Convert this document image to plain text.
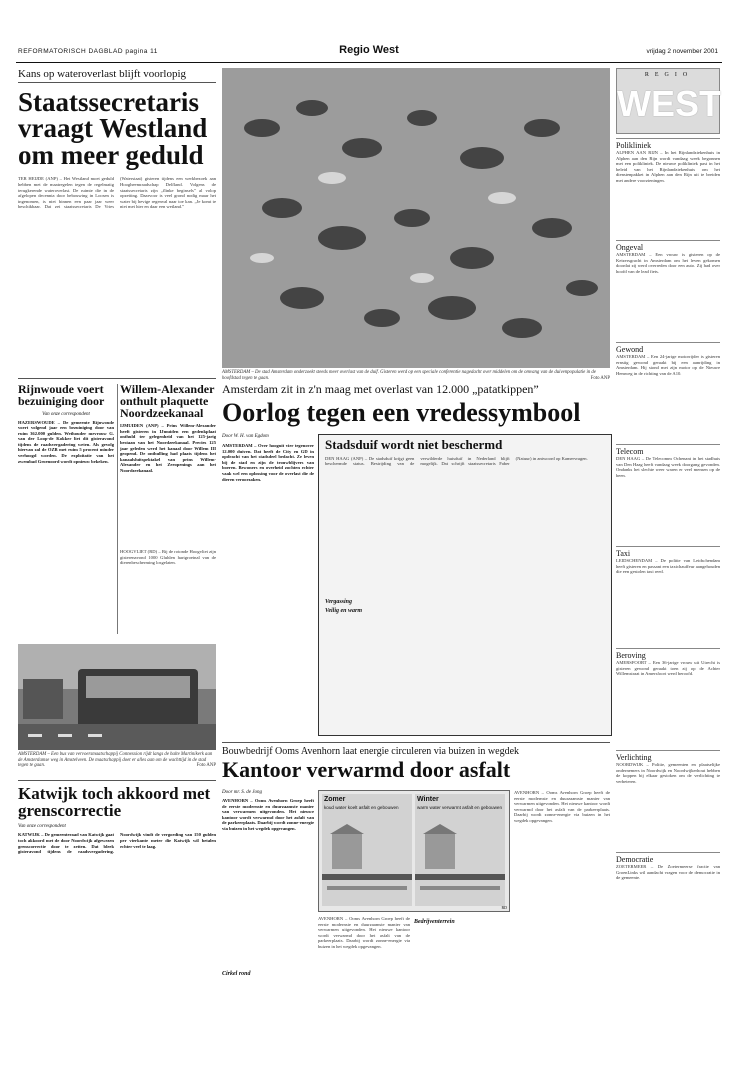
REFORMATORISCH DAGBLAD pagina 11	Regio West	vrijdag 2 november 2001
Kans op wateroverlast blijft voorlopig
Staatssecretaris vraagt Westland om meer geduld
TER HEIJDE (ANP) – Het Westland moet geduld hebben met de maatregelen tegen de regelmatig terugkerende wateroverlast. De ruimte die in de afgelopen decennia door bebouwing in Loosen is ingenomen, is niet binnen een paar jaar weer beschikbaar. Dat zei staatssecretaris De Vries (Waterstaat) gisteren tijdens een werkbezoek aan Hoogheemraadschap Delfland. Volgens de staatssecretaris zijn „flinke beginsels” al volop opzetting. Daarvoor is veel grond nodig maar het water bij hevige regenval naar toe kan. „Je komt te niet met hier en daar een wetland.”
AMSTERDAM – De stad Amsterdam onderzoekt steeds meer overlast van de duif. Gisteren werd op een speciale conferentie nagedacht over middelen om de omvang van de duivenpopulatie in de hoofdstad tegen te gaan.	Foto ANP
REGIO
WEST
Polikliniek
ALPHEN AAN RIJN – In het Rijnlandziekenhuis in Alphen aan den Rijn wordt vandaag week begonnen met een polikliniek. De nieuwe polikliniek past in het beleid van het Rijnlandziekenhuis om het dienstenpakket in Alphen aan den Rijn uit te breiden met andere voorzieningen.
Ongeval
AMSTERDAM – Een vrouw is gisteren op de Keizersgracht in Amsterdam om het leven gekomen doordat zij werd overreden door een auto. Zij had over hoofd van de lead fiets.
Gewond
AMSTERDAM – Een 24-jarige motorrijder is gisteren ernstig gewond geraakt bij een aanrijding in Amsterdam. Hij stond met zijn motor op de Nieuwe Hemweg in de richting van de A10.
Telecom
DEN HAAG – De Telecomm Ochenant in het stadhuis van Den Haag heeft vandaag week doorgang gevonden. Ondanks het slechte weer waren er veel mensen op de been.
Taxi
LEIDSCHENDAM – De politie van Leidschendam heeft gisteren en passant een taxichauffeur aangehouden die een gestolen taxi reed.
Beroving
AMERSFOORT – Een 36-jarige vrouw uit Utrecht is gisteren gewond geraakt toen zij op de Achter Willemstraat in Amersfoort werd beroofd.
Verlichting
NOORDWIJK – Politie, gemeenten en plaatselijke ondernemers in Noordwijk en Noordwijkerhout hebben de koppen bij elkaar gestoken om de verlichting te verbeteren.
Democratie
ZOETERMEER – De Zoetermeerse fractie van GroenLinks wil aandacht vragen voor de democratie in de gemeente.
Rijnwoude voert bezuiniging door
Van onze correspondent
HAZERSWOUDE – De gemeente Rijnwoude voert volgend jaar een bezuiniging door van ruim 362.000 gulden. Wethouder mevrouw G. van der Loop-de Kokker liet dit gisteravond tijdens de raadsvergadering weten. Als gevolg hiervan zal de OZB met ruim 5 procent minder verhoogd worden. De exploitatie van het zwembad Groenoord wordt opnieuw bekeken.
Willem-Alexander onthult plaquette Noordzeekanaal
IJMUIDEN (ANP) – Prins Willem-Alexander heeft gisteren in IJmuiden een gedenkplaat onthuld ter gelegenheid van het 125-jarig bestaan van het Noordzeekanaal. Precies 125 jaar geleden werd het kanaal door Willem III geopend. De onthulling had plaats tijdens het kanaalsluitspektakel van prins Willem-Alexander en het Zeeopenings aan het Noordzeekanaal.
HOOGVLIET (RD) – Bij de rotonde Hoogvliet zijn gisterenavond 1000 Gluhlen hartgroeinal van de dierenbescherming losgelaten.
Amsterdam zit in z'n maag met overlast van 12.000 „patatkippen”
Oorlog tegen een vredessymbool
Door W. H. van Egdom
AMSTERDAM – Over hooguit vier tegenover 12.000 duiven. Dat heeft de City en GD in opdracht van het stadsdeel bedacht. Ze leven bij de stad en zijn de trouwblijvers van boeren. Bewoners en overheid zochten echter vaak wel een oplossing voor de overlast die de dieren veroorzaken.
Stadsduif wordt niet beschermd
DEN HAAG (ANP) – De stadsduif krijgt geen beschermde status. Bestrijding van de verwilderde huisduif in Nederland blijft mogelijk. Dat schrijft staatssecretaris Faber (Natuur) in antwoord op Kamervragen.
Vergassing
Veilig en warm
AMSTERDAM – Een bus van vervoersmaatschappij Connexxion rijdt langs de halte Martinikerk aan de Amsterdamse weg in Amstelveen. De maatschappij doet er alles aan om de wachttijd in de stad tegen te gaan.	Foto ANP
Katwijk toch akkoord met grenscorrectie
Van onze correspondent
KATWIJK – De gemeenteraad van Katwijk gaat toch akkoord met de door Noordwijk afgewezen grenscorrectie door te zetten. Dat bleek gisteravond tijdens de raadsvergadering. Noordwijk vindt de vergoeding van 150 gulden per vierkante meter die Katwijk wil betalen echter veel te laag.
Bouwbedrijf Ooms Avenhorn laat energie circuleren via buizen in wegdek
Kantoor verwarmd door asfalt
Door mr. S. de Jong
AVENHORN – Ooms Avenhorn Groep heeft de eerste modernste en duurzaamste manier van verwarmen uitgevonden. Het nieuwe kantoor wordt verwarmd door het asfalt van de parkeerplaats. Daarbij wordt zonne-energie via buizen in het wegdek opgevangen.
Cirkel rond
Zomer
koud water koelt asfalt en gebouwen
Winter
warm water verwarmt asfalt en gebouwen
RD
AVENHORN – Ooms Avenhorn Groep heeft de eerste modernste en duurzaamste manier van verwarmen uitgevonden. Het nieuwe kantoor wordt verwarmd door het asfalt van de parkeerplaats. Daarbij wordt zonne-energie via buizen in het wegdek opgevangen.
Bedrijventerrein
AVENHORN – Ooms Avenhorn Groep heeft de eerste modernste en duurzaamste manier van verwarmen uitgevonden. Het nieuwe kantoor wordt verwarmd door het asfalt van de parkeerplaats. Daarbij wordt zonne-energie via buizen in het wegdek opgevangen.
